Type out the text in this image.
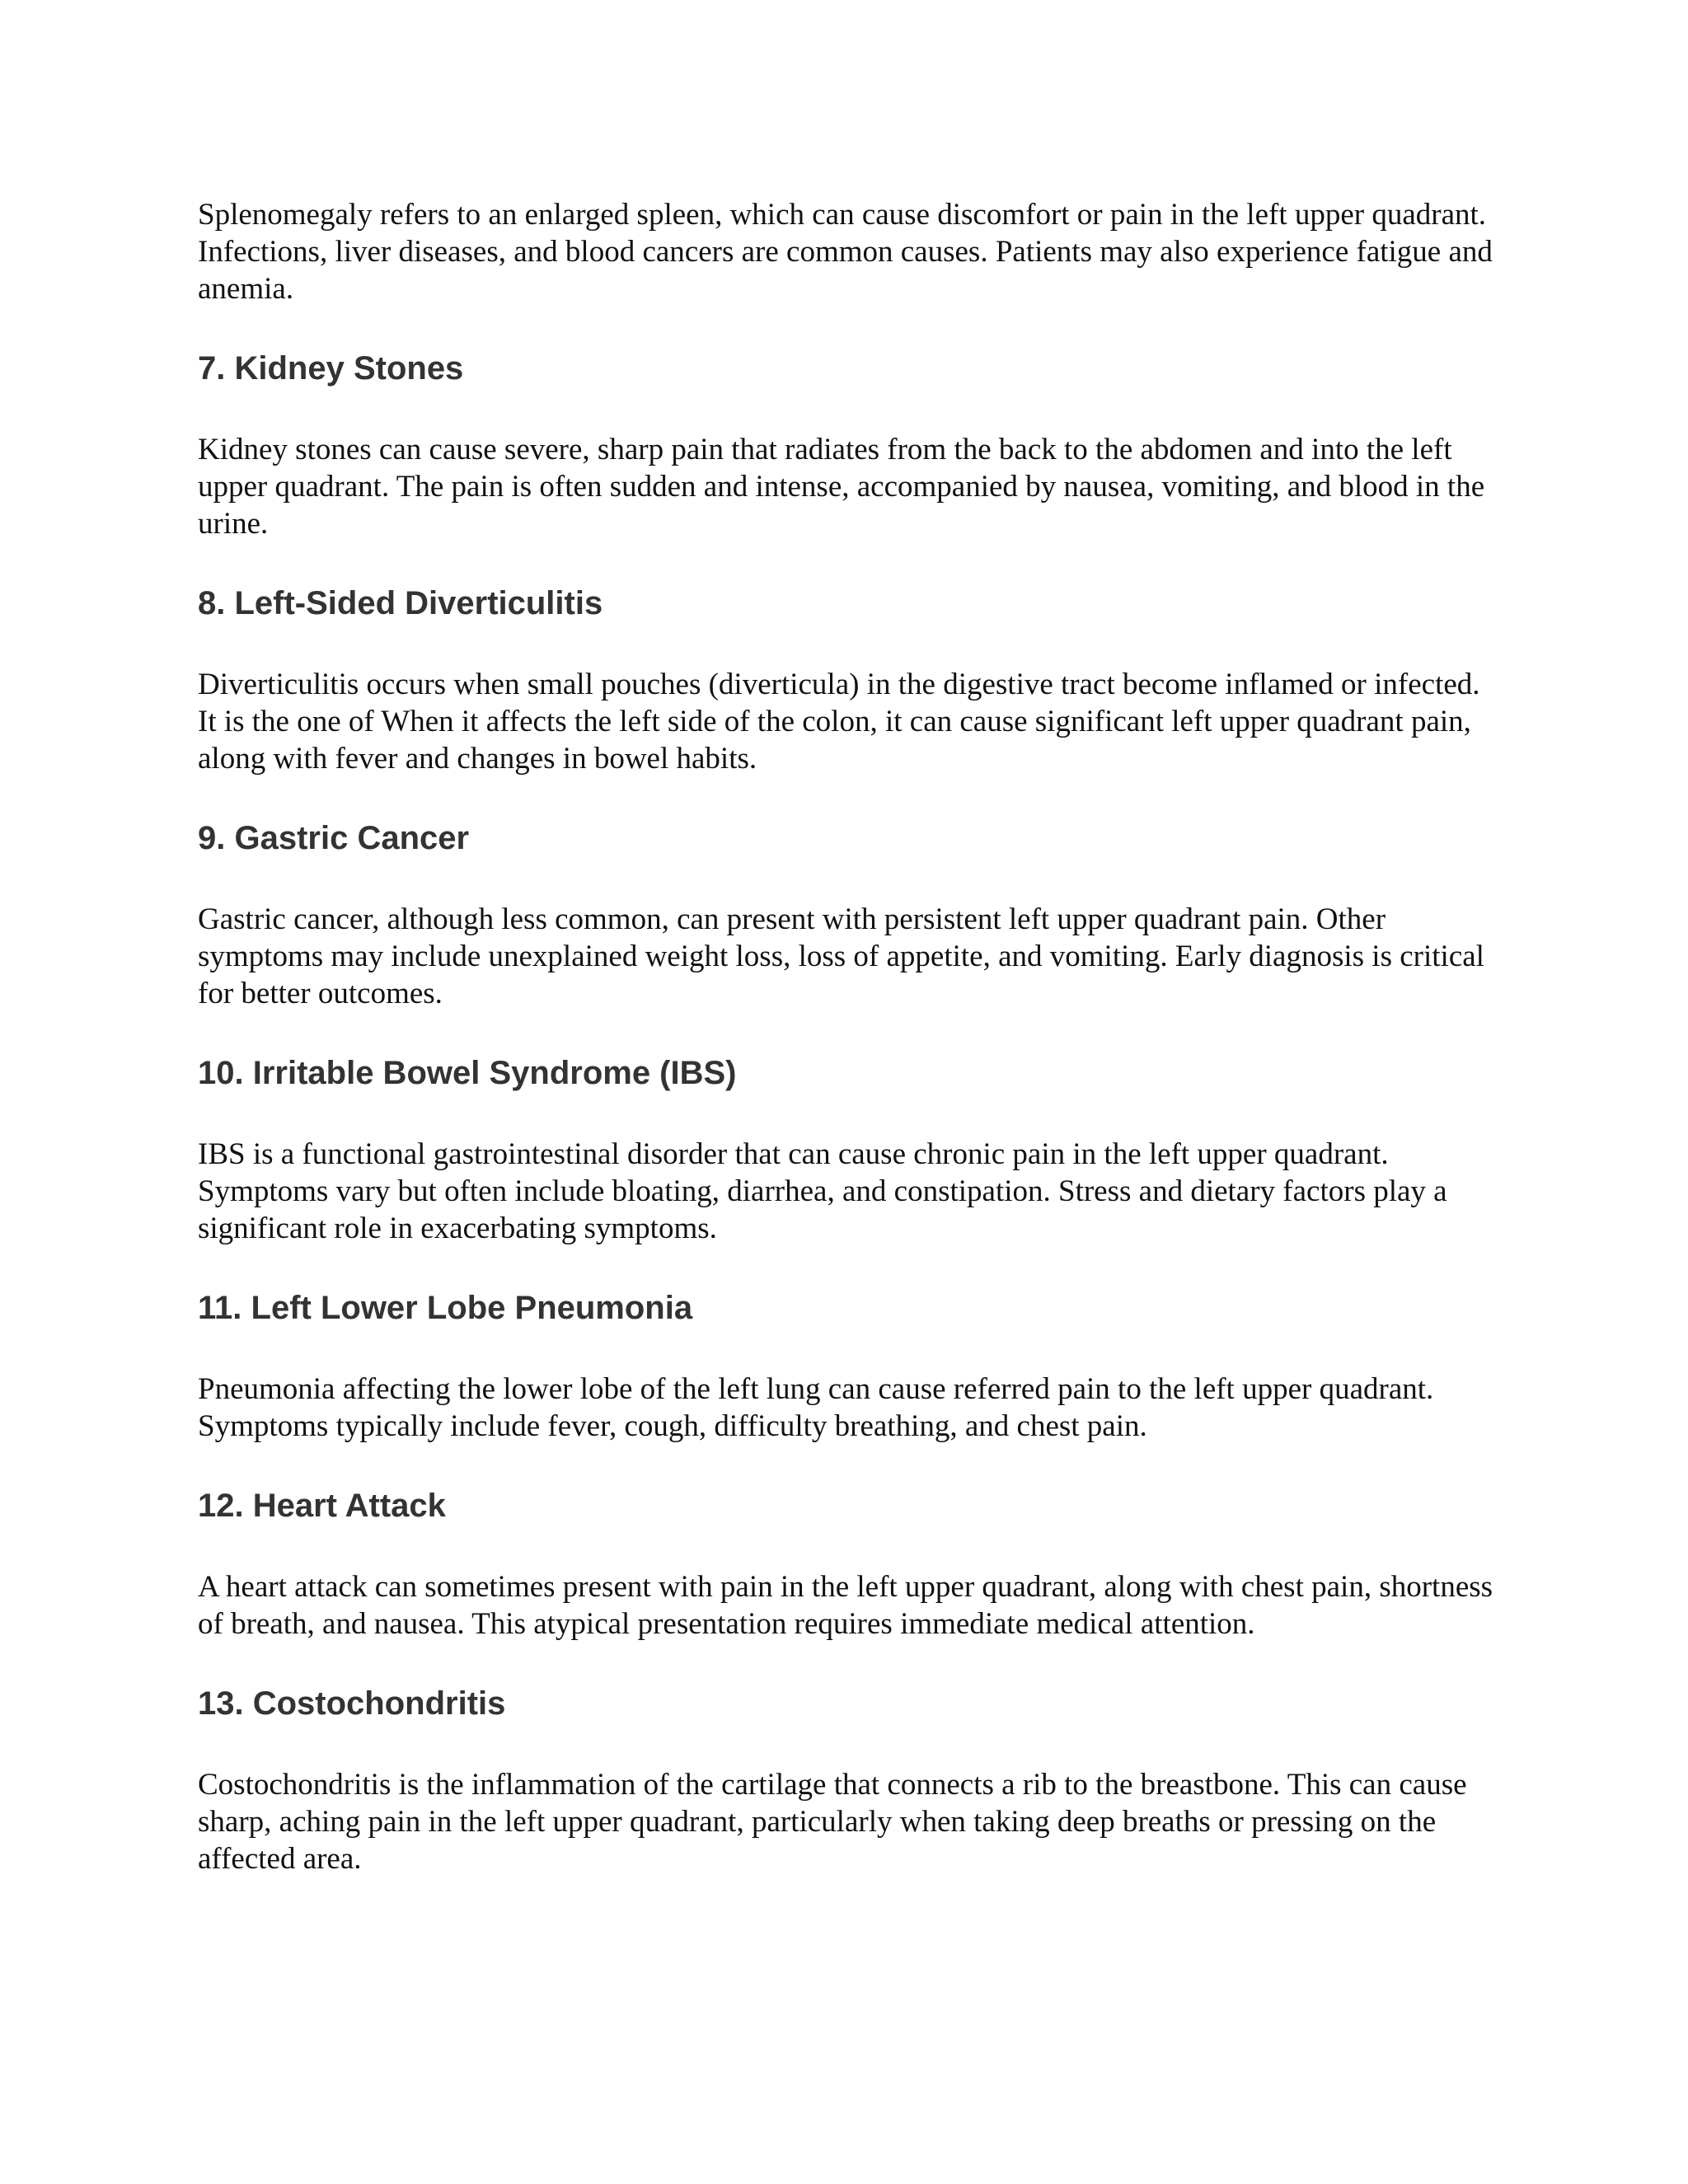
Splenomegaly refers to an enlarged spleen, which can cause discomfort or pain in the left upper quadrant. Infections, liver diseases, and blood cancers are common causes. Patients may also experience fatigue and anemia.

7. Kidney Stones

Kidney stones can cause severe, sharp pain that radiates from the back to the abdomen and into the left upper quadrant. The pain is often sudden and intense, accompanied by nausea, vomiting, and blood in the urine.

8. Left-Sided Diverticulitis

Diverticulitis occurs when small pouches (diverticula) in the digestive tract become inflamed or infected. It is the one of When it affects the left side of the colon, it can cause significant left upper quadrant pain, along with fever and changes in bowel habits.

9. Gastric Cancer

Gastric cancer, although less common, can present with persistent left upper quadrant pain. Other symptoms may include unexplained weight loss, loss of appetite, and vomiting. Early diagnosis is critical for better outcomes.

10. Irritable Bowel Syndrome (IBS)

IBS is a functional gastrointestinal disorder that can cause chronic pain in the left upper quadrant. Symptoms vary but often include bloating, diarrhea, and constipation. Stress and dietary factors play a significant role in exacerbating symptoms.

11. Left Lower Lobe Pneumonia

Pneumonia affecting the lower lobe of the left lung can cause referred pain to the left upper quadrant. Symptoms typically include fever, cough, difficulty breathing, and chest pain.

12. Heart Attack

A heart attack can sometimes present with pain in the left upper quadrant, along with chest pain, shortness of breath, and nausea. This atypical presentation requires immediate medical attention.

13. Costochondritis

Costochondritis is the inflammation of the cartilage that connects a rib to the breastbone. This can cause sharp, aching pain in the left upper quadrant, particularly when taking deep breaths or pressing on the affected area.
